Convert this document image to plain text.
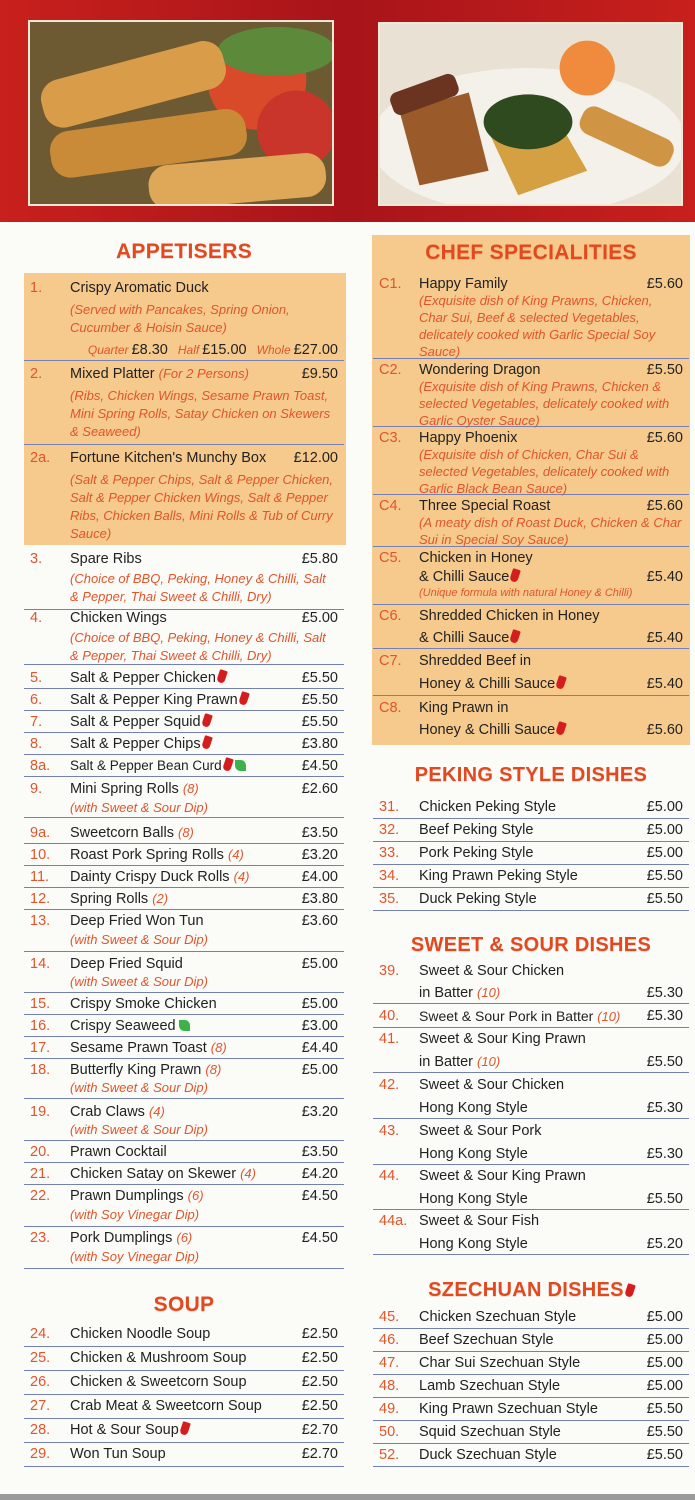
APPETISERS
1. Crispy Aromatic Duck
(Served with Pancakes, Spring Onion, Cucumber & Hoisin Sauce)
Quarter £8.30 Half £15.00 Whole £27.00
2. Mixed Platter (For 2 Persons)	£9.50
(Ribs, Chicken Wings, Sesame Prawn Toast, Mini Spring Rolls, Satay Chicken on Skewers & Seaweed)
2a. Fortune Kitchen's Munchy Box	£12.00
(Salt & Pepper Chips, Salt & Pepper Chicken, Salt & Pepper Chicken Wings, Salt & Pepper Ribs, Chicken Balls, Mini Rolls & Tub of Curry Sauce)
3. Spare Ribs	£5.80
(Choice of BBQ, Peking, Honey & Chilli, Salt & Pepper, Thai Sweet & Chilli, Dry)
4. Chicken Wings	£5.00
(Choice of BBQ, Peking, Honey & Chilli, Salt & Pepper, Thai Sweet & Chilli, Dry)
5. Salt & Pepper Chicken	£5.50
6. Salt & Pepper King Prawn	£5.50
7. Salt & Pepper Squid	£5.50
8. Salt & Pepper Chips	£3.80
8a. Salt & Pepper Bean Curd	£4.50
9. Mini Spring Rolls (8)	£2.60
(with Sweet & Sour Dip)
9a. Sweetcorn Balls (8)	£3.50
10. Roast Pork Spring Rolls (4)	£3.20
11. Dainty Crispy Duck Rolls (4)	£4.00
12. Spring Rolls (2)	£3.80
13. Deep Fried Won Tun	£3.60
(with Sweet & Sour Dip)
14. Deep Fried Squid	£5.00
(with Sweet & Sour Dip)
15. Crispy Smoke Chicken	£5.00
16. Crispy Seaweed	£3.00
17. Sesame Prawn Toast (8)	£4.40
18. Butterfly King Prawn (8)	£5.00
(with Sweet & Sour Dip)
19. Crab Claws (4)	£3.20
(with Sweet & Sour Dip)
20. Prawn Cocktail	£3.50
21. Chicken Satay on Skewer (4)	£4.20
22. Prawn Dumplings (6)	£4.50
(with Soy Vinegar Dip)
23. Pork Dumplings (6)	£4.50
(with Soy Vinegar Dip)
SOUP
24. Chicken Noodle Soup	£2.50
25. Chicken & Mushroom Soup	£2.50
26. Chicken & Sweetcorn Soup	£2.50
27. Crab Meat & Sweetcorn Soup	£2.50
28. Hot & Sour Soup	£2.70
29. Won Tun Soup	£2.70
CHEF SPECIALITIES
C1. Happy Family	£5.60
(Exquisite dish of King Prawns, Chicken, Char Sui, Beef & selected Vegetables, delicately cooked with Garlic Special Soy Sauce)
C2. Wondering Dragon	£5.50
(Exquisite dish of King Prawns, Chicken & selected Vegetables, delicately cooked with Garlic Oyster Sauce)
C3. Happy Phoenix	£5.60
(Exquisite dish of Chicken, Char Sui & selected Vegetables, delicately cooked with Garlic Black Bean Sauce)
C4. Three Special Roast	£5.60
(A meaty dish of Roast Duck, Chicken & Char Sui in Special Soy Sauce)
C5. Chicken in Honey
& Chilli Sauce	£5.40
(Unique formula with natural Honey & Chilli)
C6. Shredded Chicken in Honey
& Chilli Sauce	£5.40
C7. Shredded Beef in
Honey & Chilli Sauce	£5.40
C8. King Prawn in
Honey & Chilli Sauce	£5.60
PEKING STYLE DISHES
31. Chicken Peking Style	£5.00
32. Beef Peking Style	£5.00
33. Pork Peking Style	£5.00
34. King Prawn Peking Style	£5.50
35. Duck Peking Style	£5.50
SWEET & SOUR DISHES
39. Sweet & Sour Chicken
in Batter (10)	£5.30
40. Sweet & Sour Pork in Batter (10)	£5.30
41. Sweet & Sour King Prawn
in Batter (10)	£5.50
42. Sweet & Sour Chicken
Hong Kong Style	£5.30
43. Sweet & Sour Pork
Hong Kong Style	£5.30
44. Sweet & Sour King Prawn
Hong Kong Style	£5.50
44a. Sweet & Sour Fish
Hong Kong Style	£5.20
SZECHUAN DISHES
45. Chicken Szechuan Style	£5.00
46. Beef Szechuan Style	£5.00
47. Char Sui Szechuan Style	£5.00
48. Lamb Szechuan Style	£5.00
49. King Prawn Szechuan Style	£5.50
50. Squid Szechuan Style	£5.50
52. Duck Szechuan Style	£5.50
